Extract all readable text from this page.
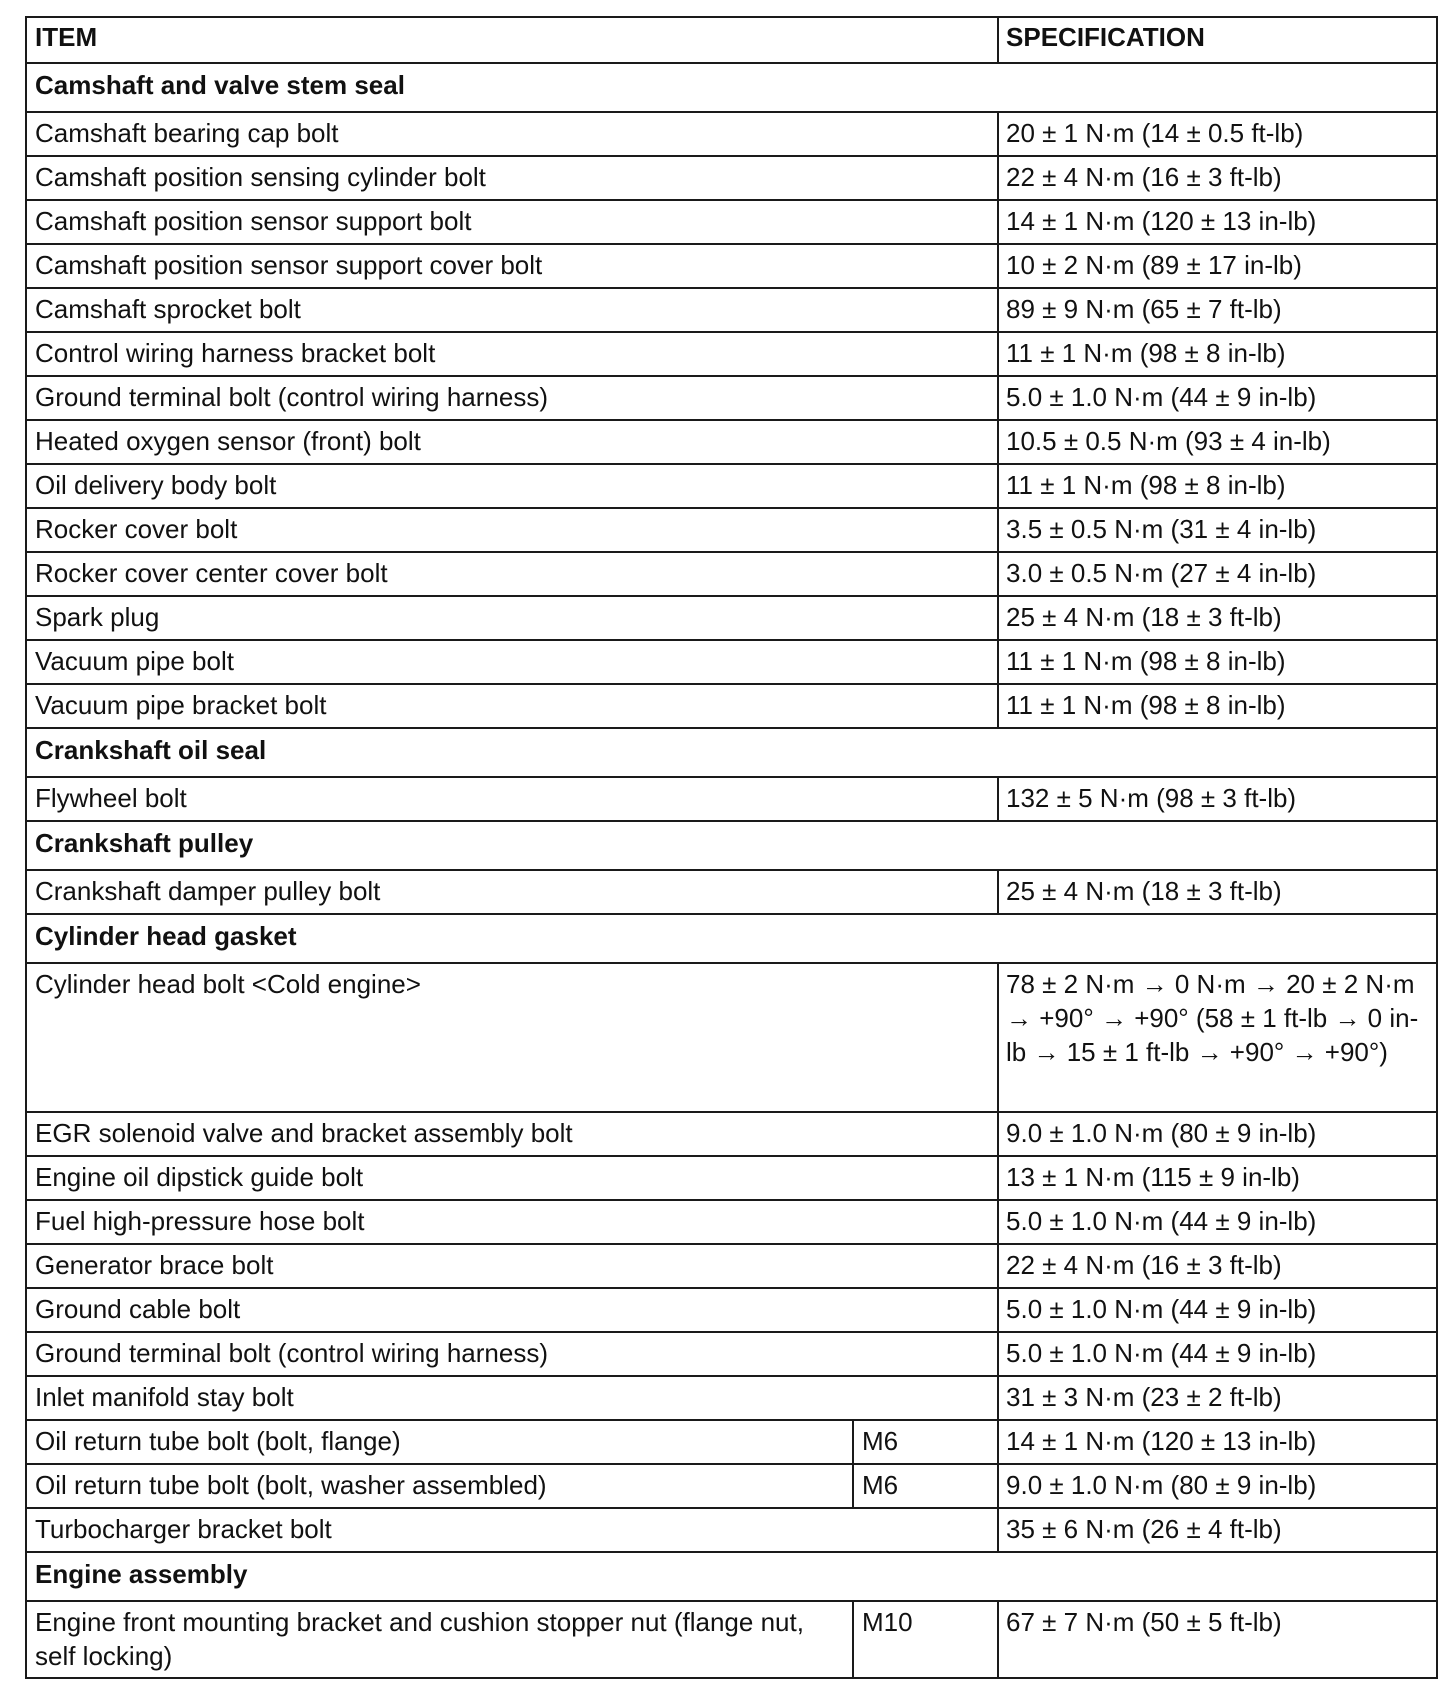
ITEM		SPECIFICATION
Camshaft and valve stem seal		
Camshaft bearing cap bolt		20 ± 1 N·m (14 ± 0.5 ft-lb)
Camshaft position sensing cylinder bolt		22 ± 4 N·m (16 ± 3 ft-lb)
Camshaft position sensor support bolt		14 ± 1 N·m (120 ± 13 in-lb)
Camshaft position sensor support cover bolt		10 ± 2 N·m (89 ± 17 in-lb)
Camshaft sprocket bolt		89 ± 9 N·m (65 ± 7 ft-lb)
Control wiring harness bracket bolt		11 ± 1 N·m (98 ± 8 in-lb)
Ground terminal bolt (control wiring harness)		5.0 ± 1.0 N·m (44 ± 9 in-lb)
Heated oxygen sensor (front) bolt		10.5 ± 0.5 N·m (93 ± 4 in-lb)
Oil delivery body bolt		11 ± 1 N·m (98 ± 8 in-lb)
Rocker cover bolt		3.5 ± 0.5 N·m (31 ± 4 in-lb)
Rocker cover center cover bolt		3.0 ± 0.5 N·m (27 ± 4 in-lb)
Spark plug		25 ± 4 N·m (18 ± 3 ft-lb)
Vacuum pipe bolt		11 ± 1 N·m (98 ± 8 in-lb)
Vacuum pipe bracket bolt		11 ± 1 N·m (98 ± 8 in-lb)
Crankshaft oil seal		
Flywheel bolt		132 ± 5 N·m (98 ± 3 ft-lb)
Crankshaft pulley		
Crankshaft damper pulley bolt		25 ± 4 N·m (18 ± 3 ft-lb)
Cylinder head gasket		
Cylinder head bolt <Cold engine>		78 ± 2 N·m → 0 N·m → 20 ± 2 N·m → +90° → +90° (58 ± 1 ft-lb → 0 in-lb → 15 ± 1 ft-lb → +90° → +90°)
EGR solenoid valve and bracket assembly bolt		9.0 ± 1.0 N·m (80 ± 9 in-lb)
Engine oil dipstick guide bolt		13 ± 1 N·m (115 ± 9 in-lb)
Fuel high-pressure hose bolt		5.0 ± 1.0 N·m (44 ± 9 in-lb)
Generator brace bolt		22 ± 4 N·m (16 ± 3 ft-lb)
Ground cable bolt		5.0 ± 1.0 N·m (44 ± 9 in-lb)
Ground terminal bolt (control wiring harness)		5.0 ± 1.0 N·m (44 ± 9 in-lb)
Inlet manifold stay bolt		31 ± 3 N·m (23 ± 2 ft-lb)
Oil return tube bolt (bolt, flange)	M6	14 ± 1 N·m (120 ± 13 in-lb)
Oil return tube bolt (bolt, washer assembled)	M6	9.0 ± 1.0 N·m (80 ± 9 in-lb)
Turbocharger bracket bolt		35 ± 6 N·m (26 ± 4 ft-lb)
Engine assembly		
Engine front mounting bracket and cushion stopper nut (flange nut, self locking)	M10	67 ± 7 N·m (50 ± 5 ft-lb)
